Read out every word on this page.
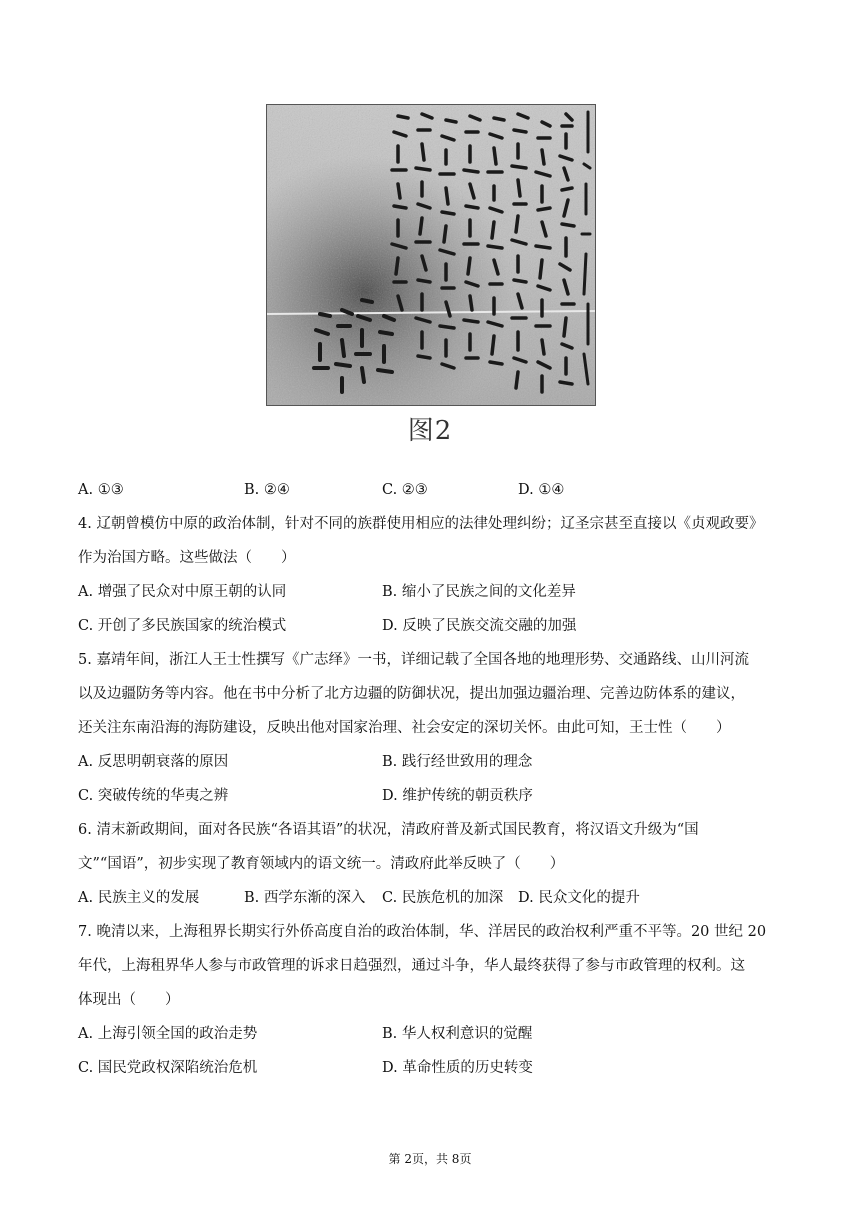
图2
A. ①③	B. ②④	C. ②③	D. ①④
4. 辽朝曾模仿中原的政治体制，针对不同的族群使用相应的法律处理纠纷；辽圣宗甚至直接以《贞观政要》
作为治国方略。这些做法（　　）
A. 增强了民众对中原王朝的认同	B. 缩小了民族之间的文化差异
C. 开创了多民族国家的统治模式	D. 反映了民族交流交融的加强
5. 嘉靖年间，浙江人王士性撰写《广志绎》一书，详细记载了全国各地的地理形势、交通路线、山川河流
以及边疆防务等内容。他在书中分析了北方边疆的防御状况，提出加强边疆治理、完善边防体系的建议，
还关注东南沿海的海防建设，反映出他对国家治理、社会安定的深切关怀。由此可知，王士性（　　）
A. 反思明朝衰落的原因	B. 践行经世致用的理念
C. 突破传统的华夷之辨	D. 维护传统的朝贡秩序
6. 清末新政期间，面对各民族“各语其语”的状况，清政府普及新式国民教育，将汉语文升级为“国
文”“国语”，初步实现了教育领域内的语文统一。清政府此举反映了（　　）
A. 民族主义的发展	B. 西学东渐的深入 C. 民族危机的加深 D. 民众文化的提升
7. 晚清以来，上海租界长期实行外侨高度自治的政治体制，华、洋居民的政治权利严重不平等。20 世纪 20
年代，上海租界华人参与市政管理的诉求日趋强烈，通过斗争，华人最终获得了参与市政管理的权利。这
体现出（　　）
A. 上海引领全国的政治走势	B. 华人权利意识的觉醒
C. 国民党政权深陷统治危机	D. 革命性质的历史转变
第 2页，共 8页
